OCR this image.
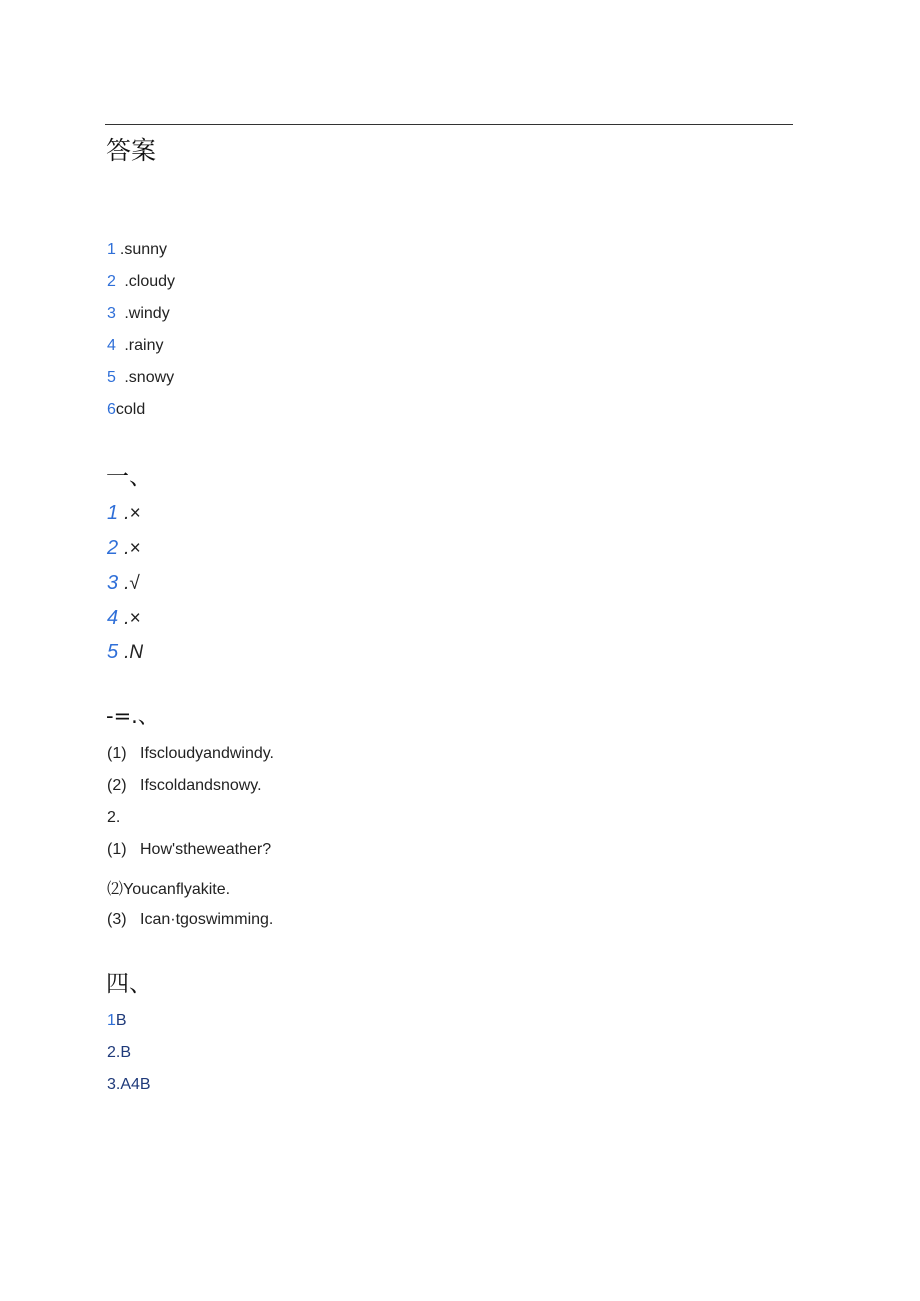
答案
1 .sunny
2 .cloudy
3 .windy
4 .rainy
5 .snowy
6cold
一、
1 .×
2 .×
3 .√
4 .×
5 .N
-=.、
(1) Ifscloudyandwindy.
(2) Ifscoldandsnowy.
2.
(1) How'stheweather?
⑵Youcanflyakite.
(3) Ican·tgoswimming.
四、
1B
2.B
3.A4B
